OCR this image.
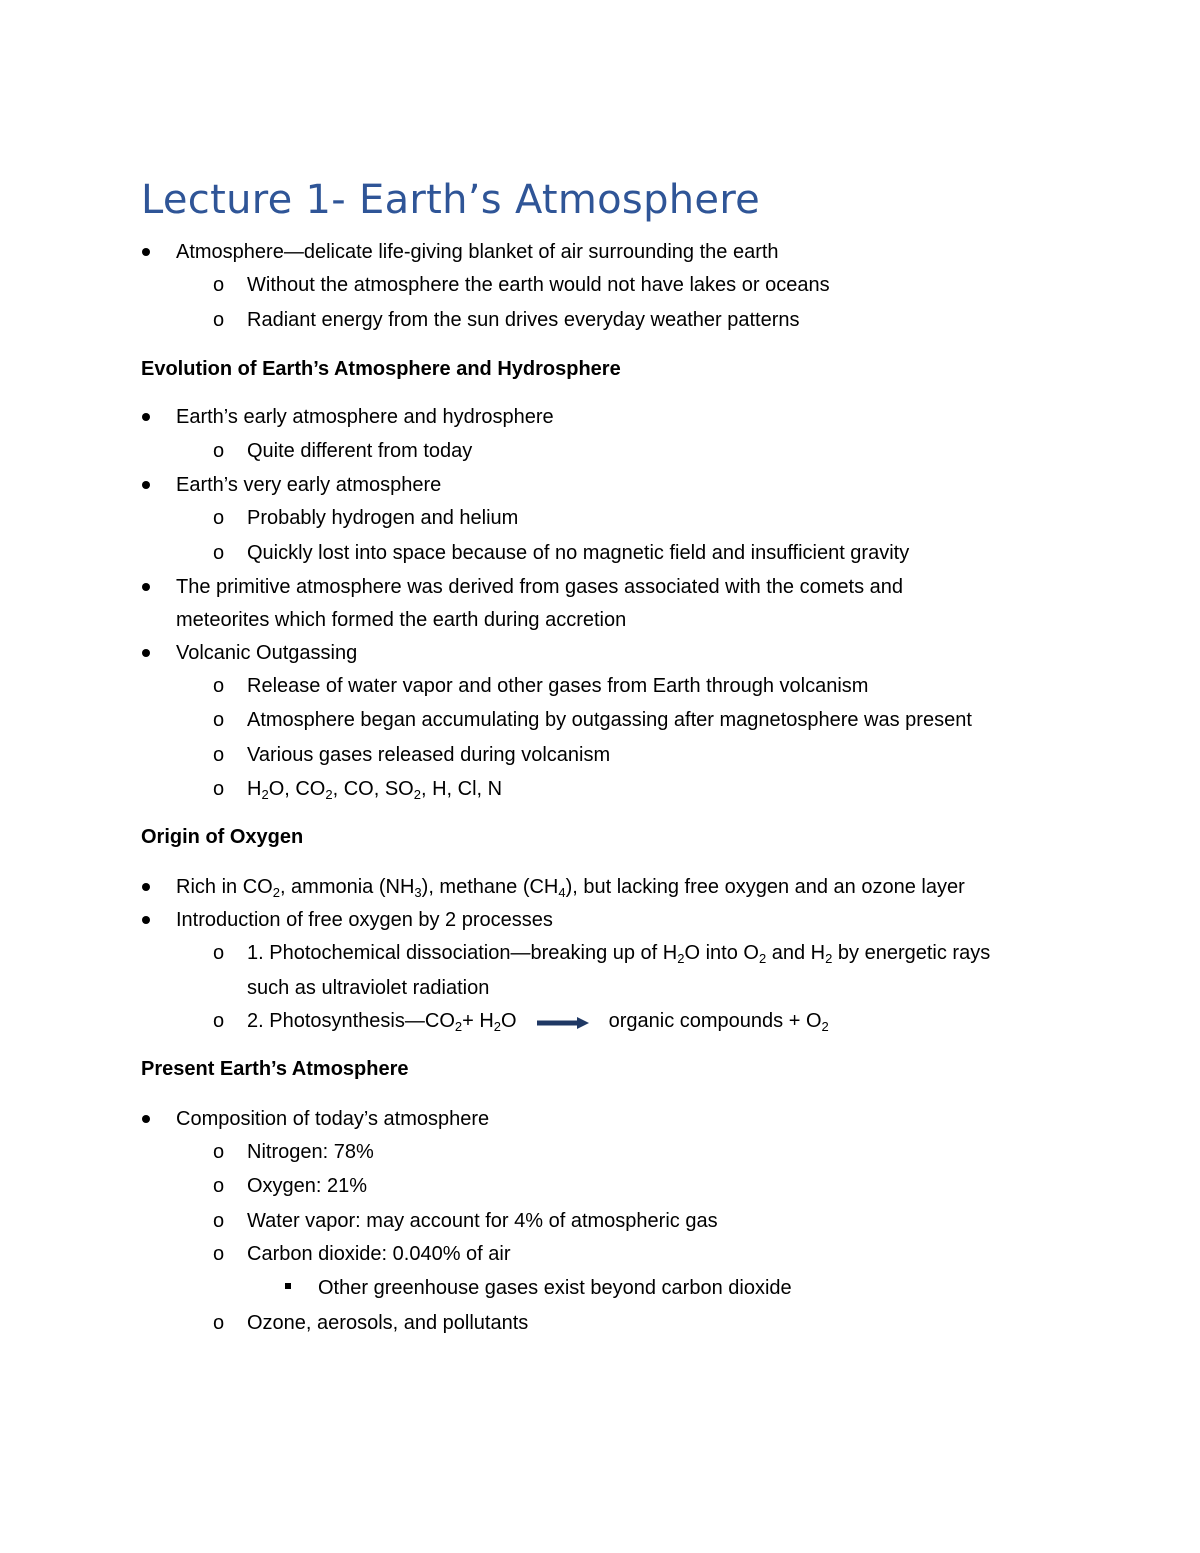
Lecture 1- Earth’s Atmosphere
Atmosphere—delicate life-giving blanket of air surrounding the earth
o Without the atmosphere the earth would not have lakes or oceans
o Radiant energy from the sun drives everyday weather patterns
Evolution of Earth’s Atmosphere and Hydrosphere
Earth’s early atmosphere and hydrosphere
o Quite different from today
Earth’s very early atmosphere
o Probably hydrogen and helium
o Quickly lost into space because of no magnetic field and insufficient gravity
The primitive atmosphere was derived from gases associated with the comets and
meteorites which formed the earth during accretion
Volcanic Outgassing
o Release of water vapor and other gases from Earth through volcanism
o Atmosphere began accumulating by outgassing after magnetosphere was present
o Various gases released during volcanism
o $H_2O$, $CO_2$, CO, $SO_2$, H, Cl, N
Origin of Oxygen
Rich in $CO_2$, ammonia $(NH_3)$, methane $(CH_4)$, but lacking free oxygen and an ozone layer
Introduction of free oxygen by 2 processes
o 1. Photochemical dissociation—breaking up of $H_2O$ into $O_2$ and $H_2$ by energetic rays
such as ultraviolet radiation
o 2. $Photosynthesis—CO_2+ H_2O$	organic compounds + $O_2$
Present Earth’s Atmosphere
Composition of today’s atmosphere
o Nitrogen: 78%
o Oxygen: 21%
o Water vapor: may account for 4% of atmospheric gas
o Carbon dioxide: 0.040% of air
Other greenhouse gases exist beyond carbon dioxide
o Ozone, aerosols, and pollutants
